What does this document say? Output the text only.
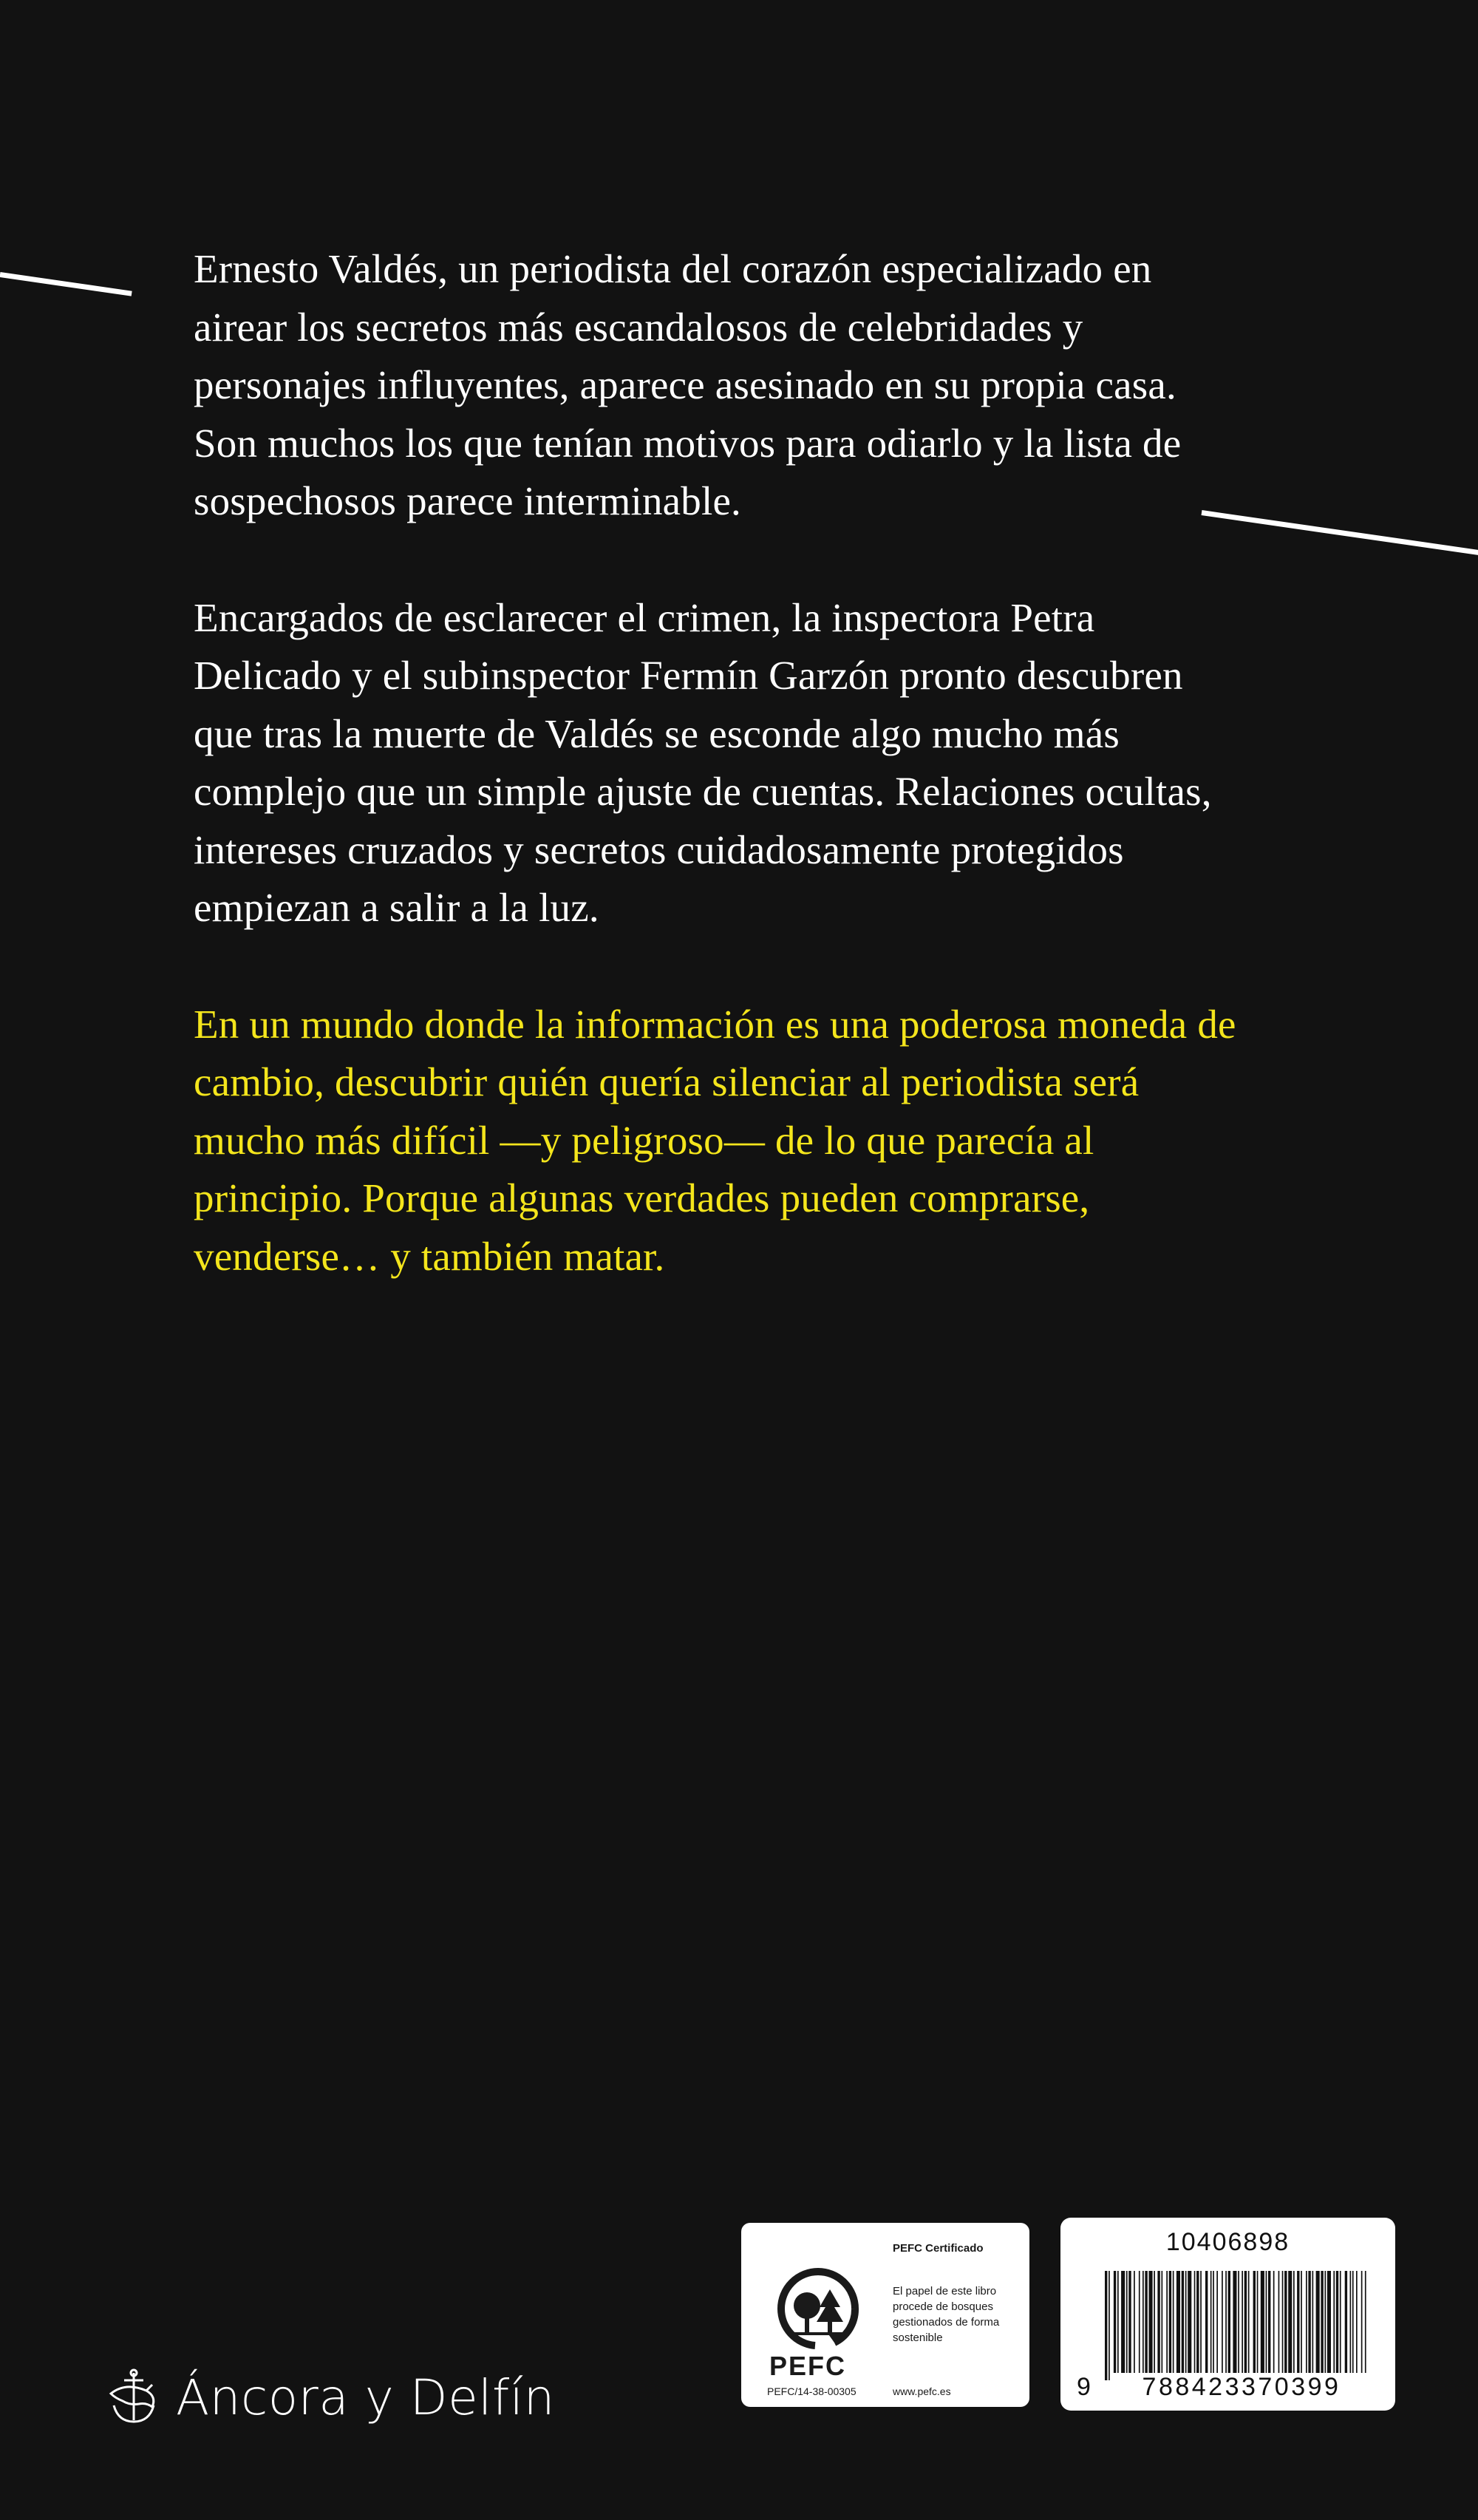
Ernesto Valdés, un periodista del corazón especializado en airear los secretos más escandalosos de celebridades y personajes influyentes, aparece asesinado en su propia casa. Son muchos los que tenían motivos para odiarlo y la lista de sospechosos parece interminable.

Encargados de esclarecer el crimen, la inspectora Petra Delicado y el subinspector Fermín Garzón pronto descubren que tras la muerte de Valdés se esconde algo mucho más complejo que un simple ajuste de cuentas. Relaciones ocultas, intereses cruzados y secretos cuidadosamente protegidos empiezan a salir a la luz.

En un mundo donde la información es una poderosa moneda de cambio, descubrir quién quería silenciar al periodista será mucho más difícil —y peligroso— de lo que parecía al principio. Porque algunas verdades pueden comprarse, venderse… y también matar.

Áncora y Delfín
PEFC
PEFC Certificado
El papel de este libro procede de bosques gestionados de forma sostenible
PEFC/14-38-00305	www.pefc.es
10406898
9	788423370399
